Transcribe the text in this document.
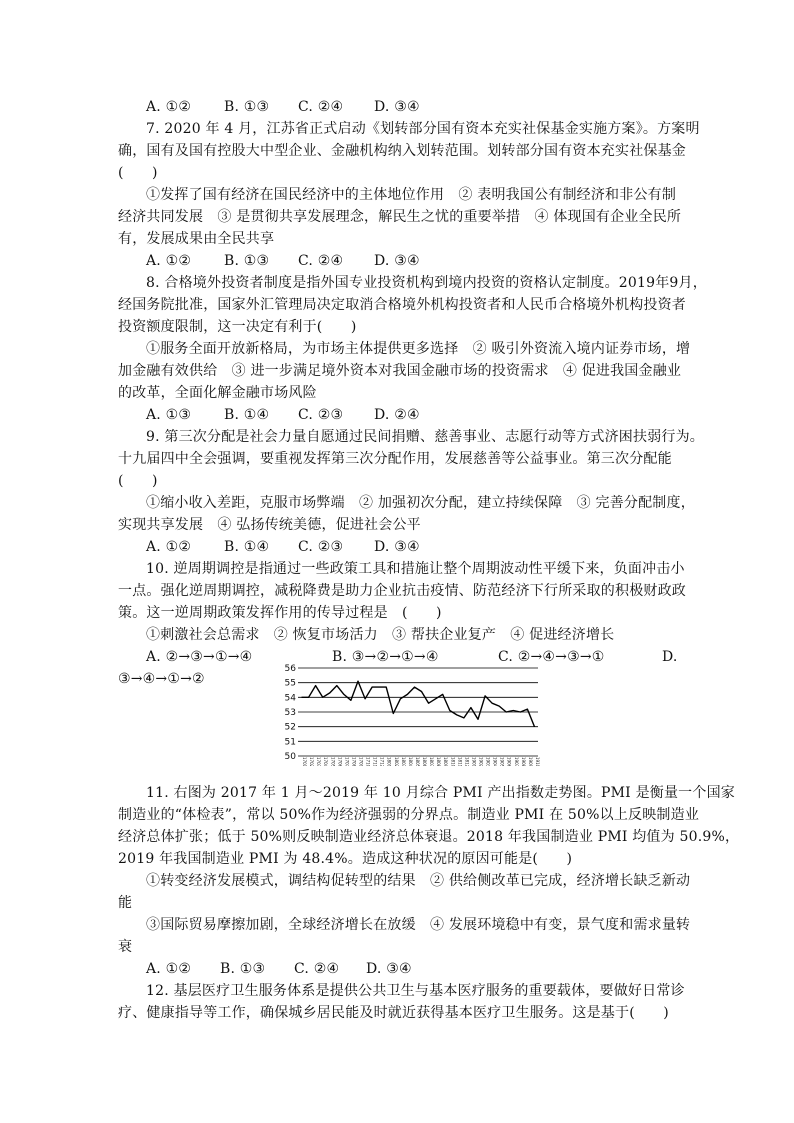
A. ①② B. ①③ C. ②④ D. ③④
7. 2020 年 4 月，江苏省正式启动《划转部分国有资本充实社保基金实施方案》。方案明
确，国有及国有控股大中型企业、金融机构纳入划转范围。划转部分国有资本充实社保基金
(　　)
①发挥了国有经济在国民经济中的主体地位作用　② 表明我国公有制经济和非公有制
经济共同发展　③ 是贯彻共享发展理念，解民生之忧的重要举措　④ 体现国有企业全民所
有，发展成果由全民共享
A. ①② B. ①③ C. ②④ D. ③④
8. 合格境外投资者制度是指外国专业投资机构到境内投资的资格认定制度。2019年9月，
经国务院批准，国家外汇管理局决定取消合格境外机构投资者和人民币合格境外机构投资者
投资额度限制，这一决定有利于(　　)
①服务全面开放新格局，为市场主体提供更多选择　② 吸引外资流入境内证券市场，增
加金融有效供给　③ 进一步满足境外资本对我国金融市场的投资需求　④ 促进我国金融业
的改革，全面化解金融市场风险
A. ①③ B. ①④ C. ②③ D. ②④
9. 第三次分配是社会力量自愿通过民间捐赠、慈善事业、志愿行动等方式济困扶弱行为。
十九届四中全会强调，要重视发挥第三次分配作用，发展慈善等公益事业。第三次分配能
(　　)
①缩小收入差距，克服市场弊端　② 加强初次分配，建立持续保障　③ 完善分配制度，
实现共享发展　④ 弘扬传统美德，促进社会公平
A. ①② B. ①④ C. ②③ D. ③④
10. 逆周期调控是指通过一些政策工具和措施让整个周期波动性平缓下来，负面冲击小
一点。强化逆周期调控，减税降费是助力企业抗击疫情、防范经济下行所采取的积极财政政
策。这一逆周期政策发挥作用的传导过程是　(　　)
①刺激社会总需求　② 恢复市场活力　③ 帮扶企业复产　④ 促进经济增长
A. ②→③→①→④	B. ③→②→①→④	C. ②→④→③→①	D.
③→④→①→②
56
55
54
53
52
51
50 1701 1702 1703 1704 1705 1706 1707 1708 1709 1710 1711 1712 1801 1802 1803 1804 1805 1806 1807 1808 1809 1810 1811 1812 1901 1902 1903 1904 1905 1906 1907 1908 1909 1910
11. 右图为 2017 年 1 月～2019 年 10 月综合 PMI 产出指数走势图。PMI 是衡量一个国家
制造业的“体检表”，常以 50%作为经济强弱的分界点。制造业 PMI 在 50%以上反映制造业
经济总体扩张；低于 50%则反映制造业经济总体衰退。2018 年我国制造业 PMI 均值为 50.9%，
2019 年我国制造业 PMI 为 48.4%。造成这种状况的原因可能是(　　)
①转变经济发展模式，调结构促转型的结果　② 供给侧改革已完成，经济增长缺乏新动
能
③国际贸易摩擦加剧，全球经济增长在放缓　④ 发展环境稳中有变，景气度和需求量转
衰
A. ①② B. ①③ C. ②④ D. ③④
12. 基层医疗卫生服务体系是提供公共卫生与基本医疗服务的重要载体，要做好日常诊
疗、健康指导等工作，确保城乡居民能及时就近获得基本医疗卫生服务。这是基于(　　)
